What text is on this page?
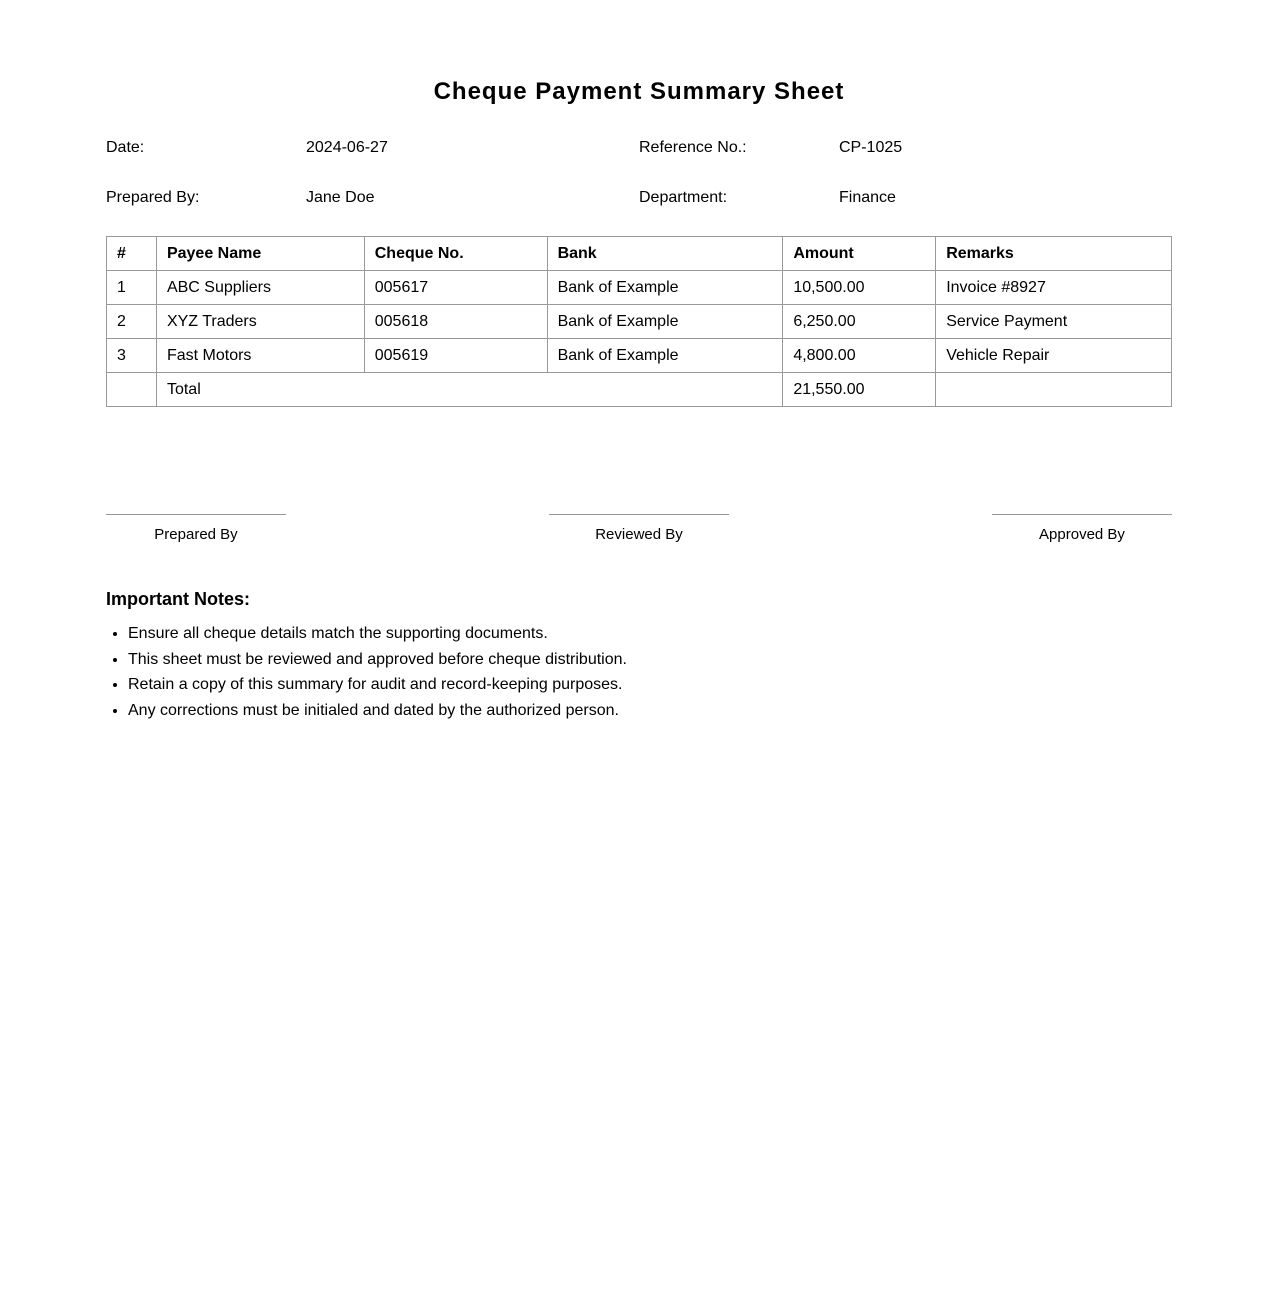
Cheque Payment Summary Sheet
Date:	2024-06-27	Reference No.:	CP-1025
Prepared By:	Jane Doe	Department:	Finance
#	Payee Name	Cheque No.	Bank	Amount	Remarks
1	ABC Suppliers	005617	Bank of Example	10,500.00	Invoice #8927
2	XYZ Traders	005618	Bank of Example	6,250.00	Service Payment
3	Fast Motors	005619	Bank of Example	4,800.00	Vehicle Repair
	Total			21,550.00	
Prepared By	Reviewed By	Approved By
Important Notes:
• Ensure all cheque details match the supporting documents.
• This sheet must be reviewed and approved before cheque distribution.
• Retain a copy of this summary for audit and record-keeping purposes.
• Any corrections must be initialed and dated by the authorized person.
